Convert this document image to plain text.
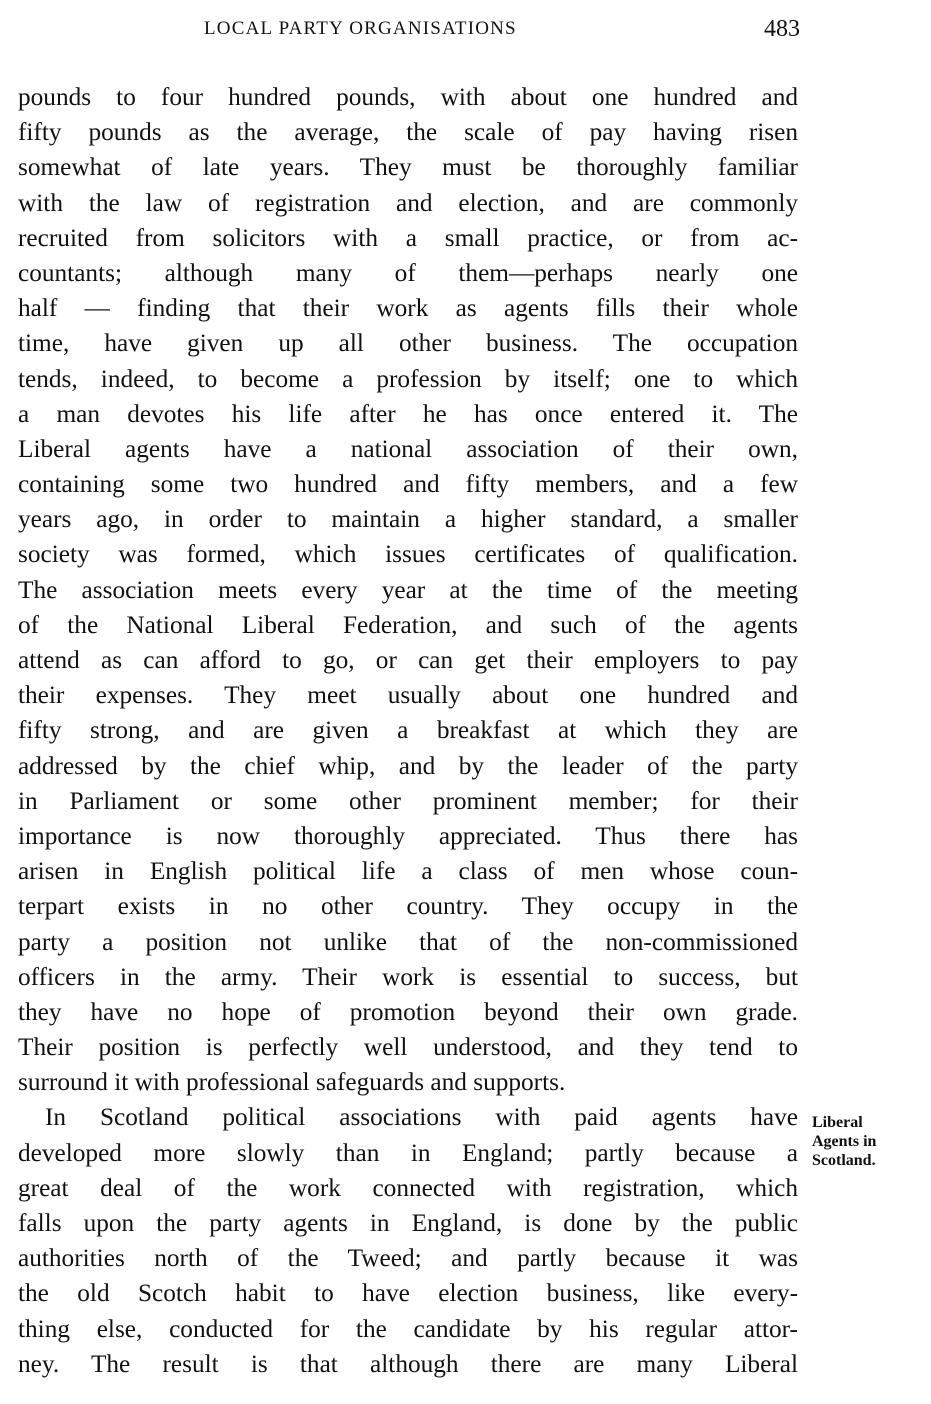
LOCAL PARTY ORGANISATIONS	483
pounds to four hundred pounds, with about one hundred and
fifty pounds as the average, the scale of pay having risen
somewhat of late years. They must be thoroughly familiar
with the law of registration and election, and are commonly
recruited from solicitors with a small practice, or from ac-
countants; although many of them—perhaps nearly one
half — finding that their work as agents fills their whole
time, have given up all other business. The occupation
tends, indeed, to become a profession by itself; one to which
a man devotes his life after he has once entered it. The
Liberal agents have a national association of their own,
containing some two hundred and fifty members, and a few
years ago, in order to maintain a higher standard, a smaller
society was formed, which issues certificates of qualification.
The association meets every year at the time of the meeting
of the National Liberal Federation, and such of the agents
attend as can afford to go, or can get their employers to pay
their expenses. They meet usually about one hundred and
fifty strong, and are given a breakfast at which they are
addressed by the chief whip, and by the leader of the party
in Parliament or some other prominent member; for their
importance is now thoroughly appreciated. Thus there has
arisen in English political life a class of men whose coun-
terpart exists in no other country. They occupy in the
party a position not unlike that of the non-commissioned
officers in the army. Their work is essential to success, but
they have no hope of promotion beyond their own grade.
Their position is perfectly well understood, and they tend to
surround it with professional safeguards and supports.
In Scotland political associations with paid agents have
developed more slowly than in England; partly because a
great deal of the work connected with registration, which
falls upon the party agents in England, is done by the public
authorities north of the Tweed; and partly because it was
the old Scotch habit to have election business, like every-
thing else, conducted for the candidate by his regular attor-
ney. The result is that although there are many Liberal
Liberal
Agents in
Scotland.
